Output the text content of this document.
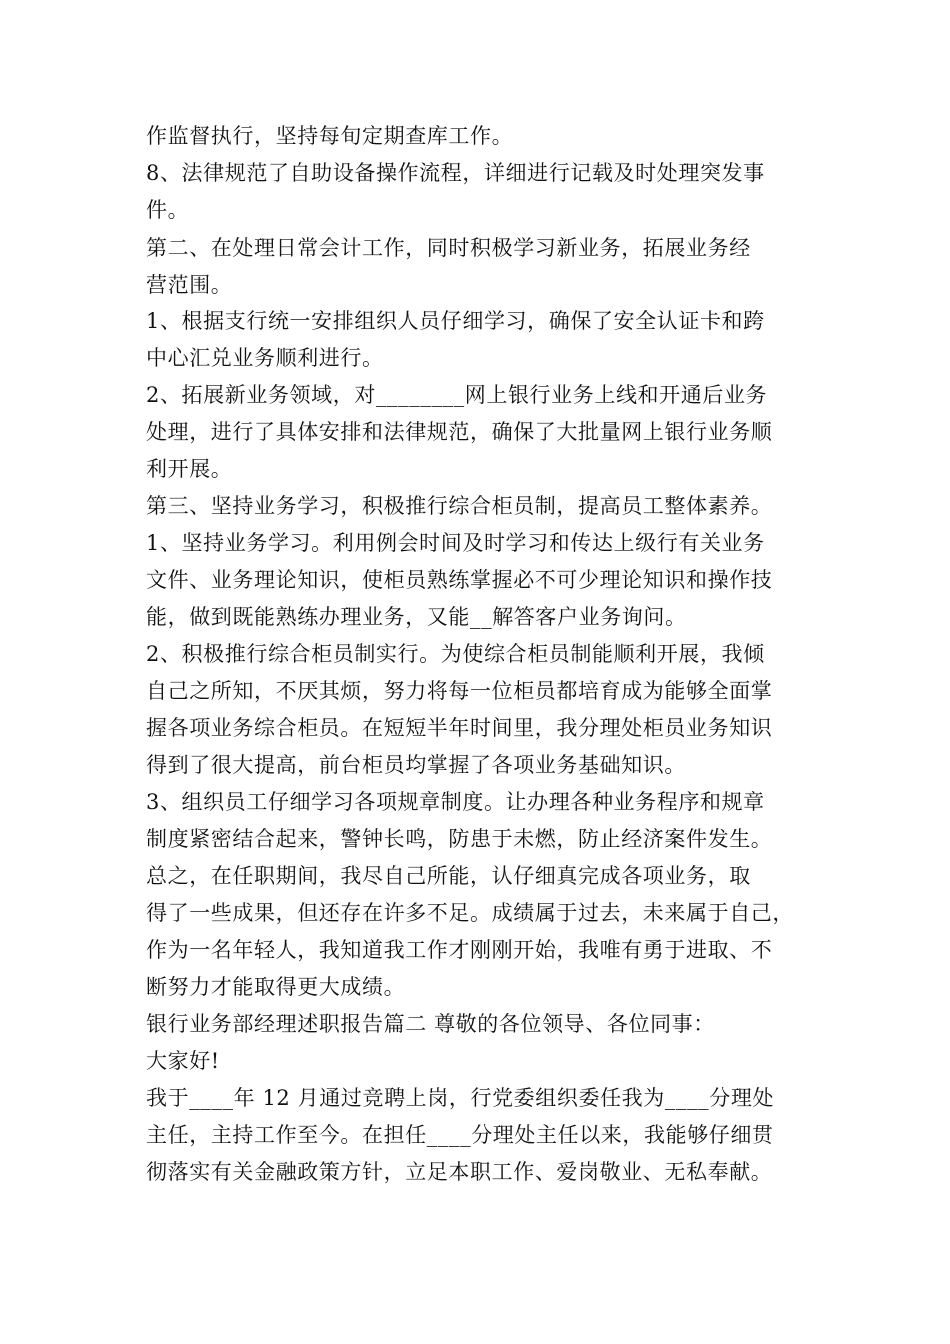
作监督执行，坚持每旬定期查库工作。
8、法律规范了自助设备操作流程，详细进行记载及时处理突发事
件。
第二、在处理日常会计工作，同时积极学习新业务，拓展业务经
营范围。
1、根据支行统一安排组织人员仔细学习，确保了安全认证卡和跨
中心汇兑业务顺利进行。
2、拓展新业务领域，对________网上银行业务上线和开通后业务
处理，进行了具体安排和法律规范，确保了大批量网上银行业务顺
利开展。
第三、坚持业务学习，积极推行综合柜员制，提高员工整体素养。
1、坚持业务学习。利用例会时间及时学习和传达上级行有关业务
文件、业务理论知识，使柜员熟练掌握必不可少理论知识和操作技
能，做到既能熟练办理业务，又能__解答客户业务询问。
2、积极推行综合柜员制实行。为使综合柜员制能顺利开展，我倾
自己之所知，不厌其烦，努力将每一位柜员都培育成为能够全面掌
握各项业务综合柜员。在短短半年时间里，我分理处柜员业务知识
得到了很大提高，前台柜员均掌握了各项业务基础知识。
3、组织员工仔细学习各项规章制度。让办理各种业务程序和规章
制度紧密结合起来，警钟长鸣，防患于未燃，防止经济案件发生。
总之，在任职期间，我尽自己所能，认仔细真完成各项业务，取
得了一些成果，但还存在许多不足。成绩属于过去，未来属于自己，
作为一名年轻人，我知道我工作才刚刚开始，我唯有勇于进取、不
断努力才能取得更大成绩。
银行业务部经理述职报告篇二 尊敬的各位领导、各位同事：
大家好!
我于____年 12 月通过竞聘上岗，行党委组织委任我为____分理处
主任，主持工作至今。在担任____分理处主任以来，我能够仔细贯
彻落实有关金融政策方针，立足本职工作、爱岗敬业、无私奉献。
